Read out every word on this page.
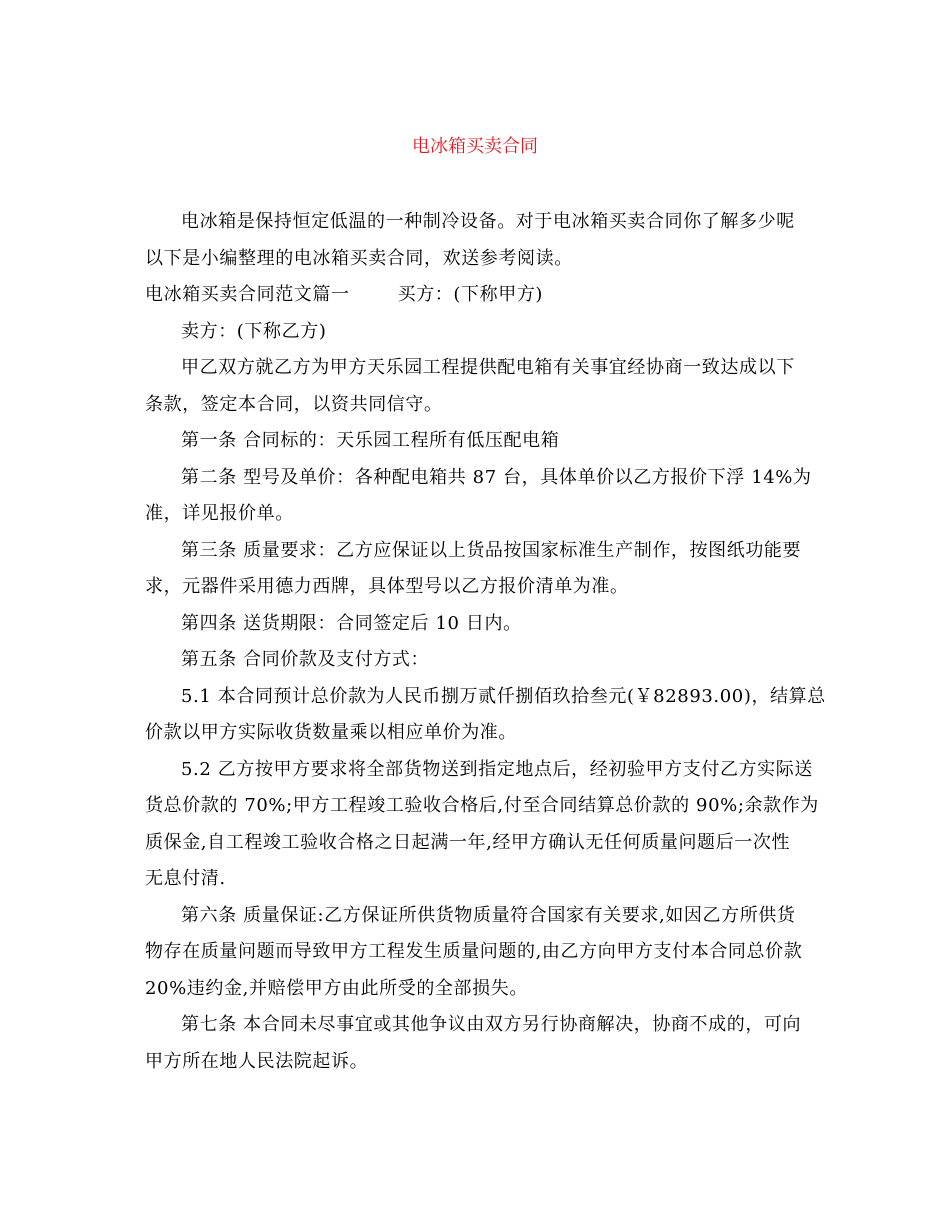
电冰箱买卖合同

电冰箱是保持恒定低温的一种制冷设备。对于电冰箱买卖合同你了解多少呢

以下是小编整理的电冰箱买卖合同，欢送参考阅读。

电冰箱买卖合同范文篇一	买方：(下称甲方)

卖方：(下称乙方)

甲乙双方就乙方为甲方天乐园工程提供配电箱有关事宜经协商一致达成以下

条款，签定本合同，以资共同信守。

第一条 合同标的：天乐园工程所有低压配电箱

第二条 型号及单价：各种配电箱共 87 台，具体单价以乙方报价下浮 14%为

准，详见报价单。

第三条 质量要求：乙方应保证以上货品按国家标准生产制作，按图纸功能要

求，元器件采用德力西牌，具体型号以乙方报价清单为准。

第四条 送货期限：合同签定后 10 日内。

第五条 合同价款及支付方式：

5.1 本合同预计总价款为人民币捌万贰仟捌佰玖拾叁元(￥82893.00)，结算总

价款以甲方实际收货数量乘以相应单价为准。

5.2 乙方按甲方要求将全部货物送到指定地点后，经初验甲方支付乙方实际送

货总价款的 70%;甲方工程竣工验收合格后,付至合同结算总价款的 90%;余款作为

质保金,自工程竣工验收合格之日起满一年,经甲方确认无任何质量问题后一次性

无息付清.

第六条 质量保证:乙方保证所供货物质量符合国家有关要求,如因乙方所供货

物存在质量问题而导致甲方工程发生质量问题的,由乙方向甲方支付本合同总价款

20%违约金,并赔偿甲方由此所受的全部损失。

第七条 本合同未尽事宜或其他争议由双方另行协商解决，协商不成的，可向

甲方所在地人民法院起诉。
